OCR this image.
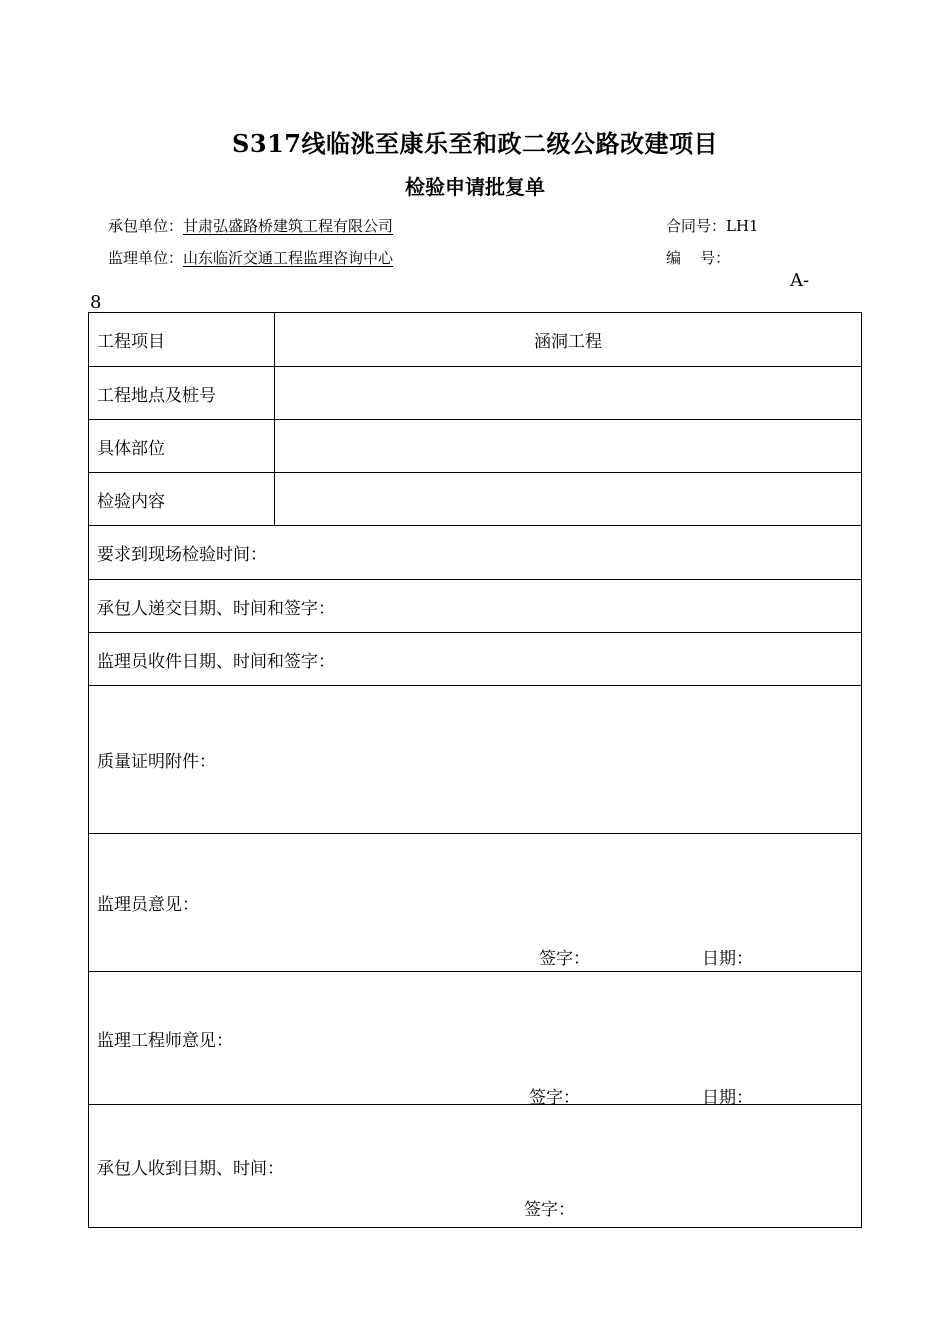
S317线临洮至康乐至和政二级公路改建项目
检验申请批复单
承包单位：甘肃弘盛路桥建筑工程有限公司	合同号：LH1
监理单位：山东临沂交通工程监理咨询中心	编    号：
A-
8
工程项目	涵洞工程
工程地点及桩号	
具体部位	
检验内容	
要求到现场检验时间：	
承包人递交日期、时间和签字：	
监理员收件日期、时间和签字：	
质量证明附件：	
监理员意见：
签字： 日期：	

监理工程师意见：
签字： 日期：	

承包人收到日期、时间：
签字：	
